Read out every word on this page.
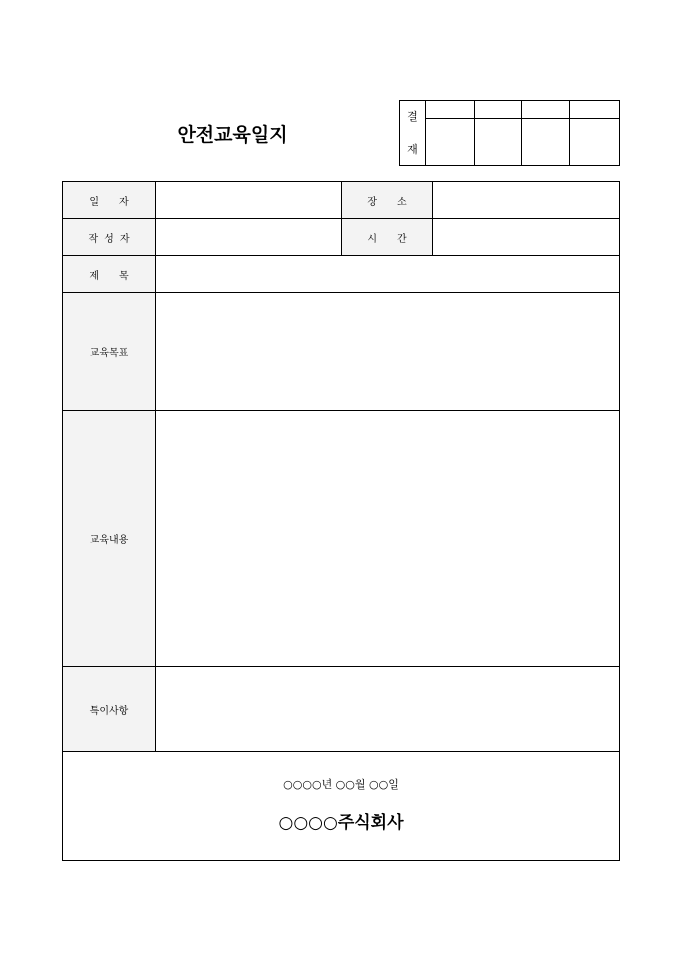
안전교육일지
결
재				

일자		장소	
작성자		시간	
제목			
교육목표			
교육내용			
특이사항			

○○○○년 ○○월 ○○일
○○○○주식회사			
